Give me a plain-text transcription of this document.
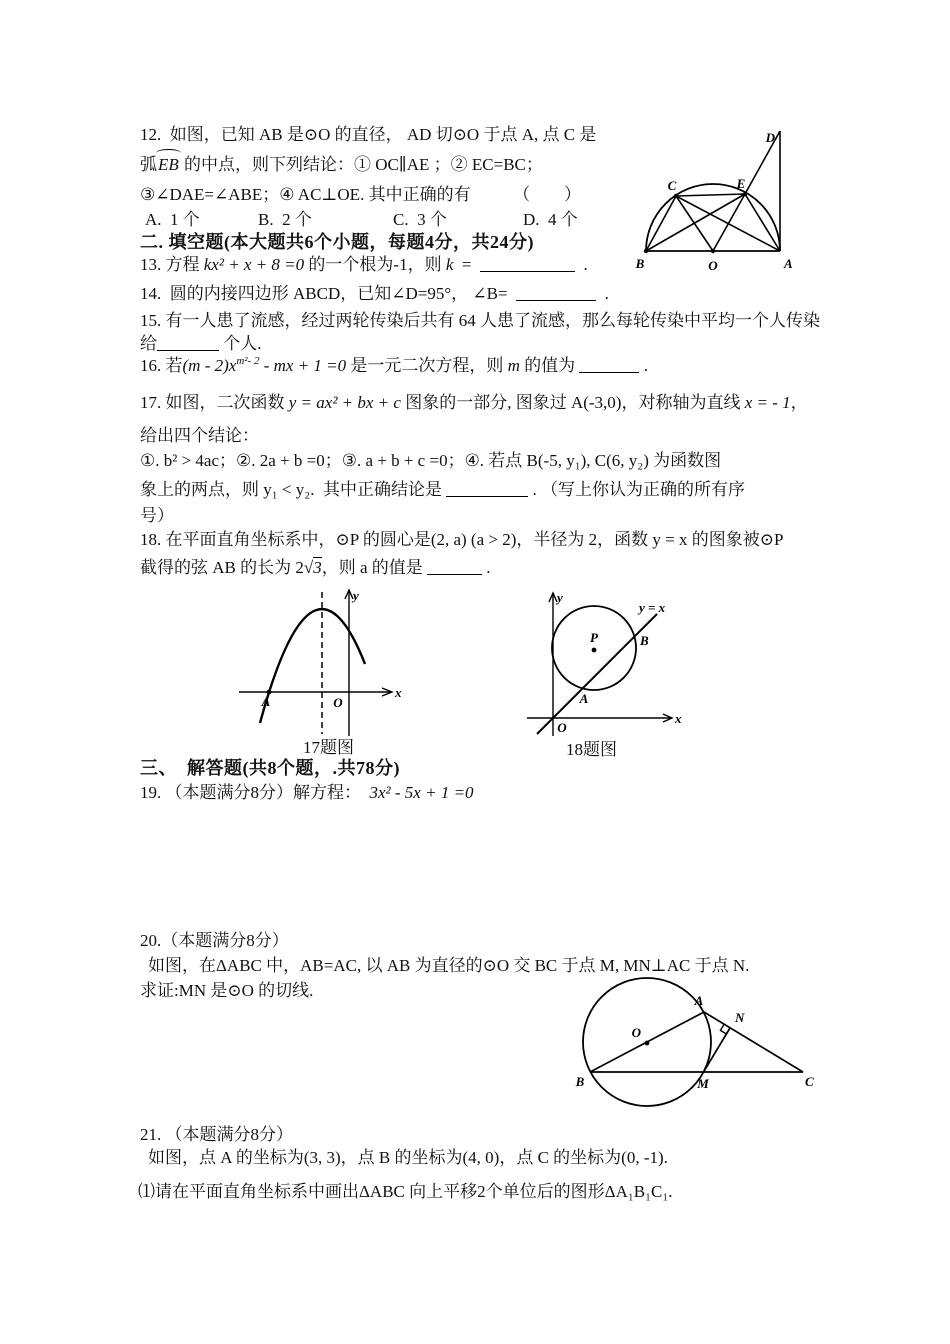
12.  如图，已知 AB 是⊙O 的直径， AD 切⊙O 于点 A, 点 C 是
弧EB 的中点，则下列结论：① OC∥AE ；② EC=BC；
③∠DAE=∠ABE；④ AC⊥OE. 其中正确的有　　　（　　）
A.  1 个	B.  2 个	C.  3 个	D.  4 个
D
C	E
B	O	A
二. 填空题(本大题共6个小题，每题4分，共24分)
13. 方程 kx² + x + 8 =0 的一个根为-1，则 k  =	.
14.  圆的内接四边形 ABCD，已知∠D=95°， ∠B=	.
15. 有一人患了流感，经过两轮传染后共有 64 人患了流感，那么每轮传染中平均一个人传染
给	个人.
16. 若$(m - 2)x^{m^2- 2}$ - mx + 1 =0 是一元二次方程，则 m 的值为	.
17. 如图，二次函数 y = ax² + bx + c 图象的一部分, 图象过 A(-3,0)，对称轴为直线 x = - 1，
给出四个结论：
①. b² > 4ac；②. 2a + b =0；③. a + b + c =0；④. 若点 B(-5, y₁), C(6, y₂) 为函数图
象上的两点，则 y₁ < y₂.  其中正确结论是	. （写上你认为正确的所有序
号）
18. 在平面直角坐标系中，⊙P 的圆心是(2, a) (a > 2)，半径为 2，函数 y = x 的图象被⊙P
截得的弦 AB 的长为 2√3，则 a 的值是	.
y
x
A	O
17题图
P
y
x
y = x
B
A
O
18题图
三、  解答题(共8个题，.共78分)
19. （本题满分8分）解方程：  3x² - 5x + 1 =0
20.（本题满分8分）
如图，在ΔABC 中，AB=AC, 以 AB 为直径的⊙O 交 BC 于点 M, MN⊥AC 于点 N.
求证:MN 是⊙O 的切线.
O
A
N
B	M	C
21. （本题满分8分）
如图，点 A 的坐标为(3, 3)，点 B 的坐标为(4, 0)，点 C 的坐标为(0, -1).
⑴请在平面直角坐标系中画出ΔABC 向上平移2个单位后的图形ΔA₁B₁C₁.
